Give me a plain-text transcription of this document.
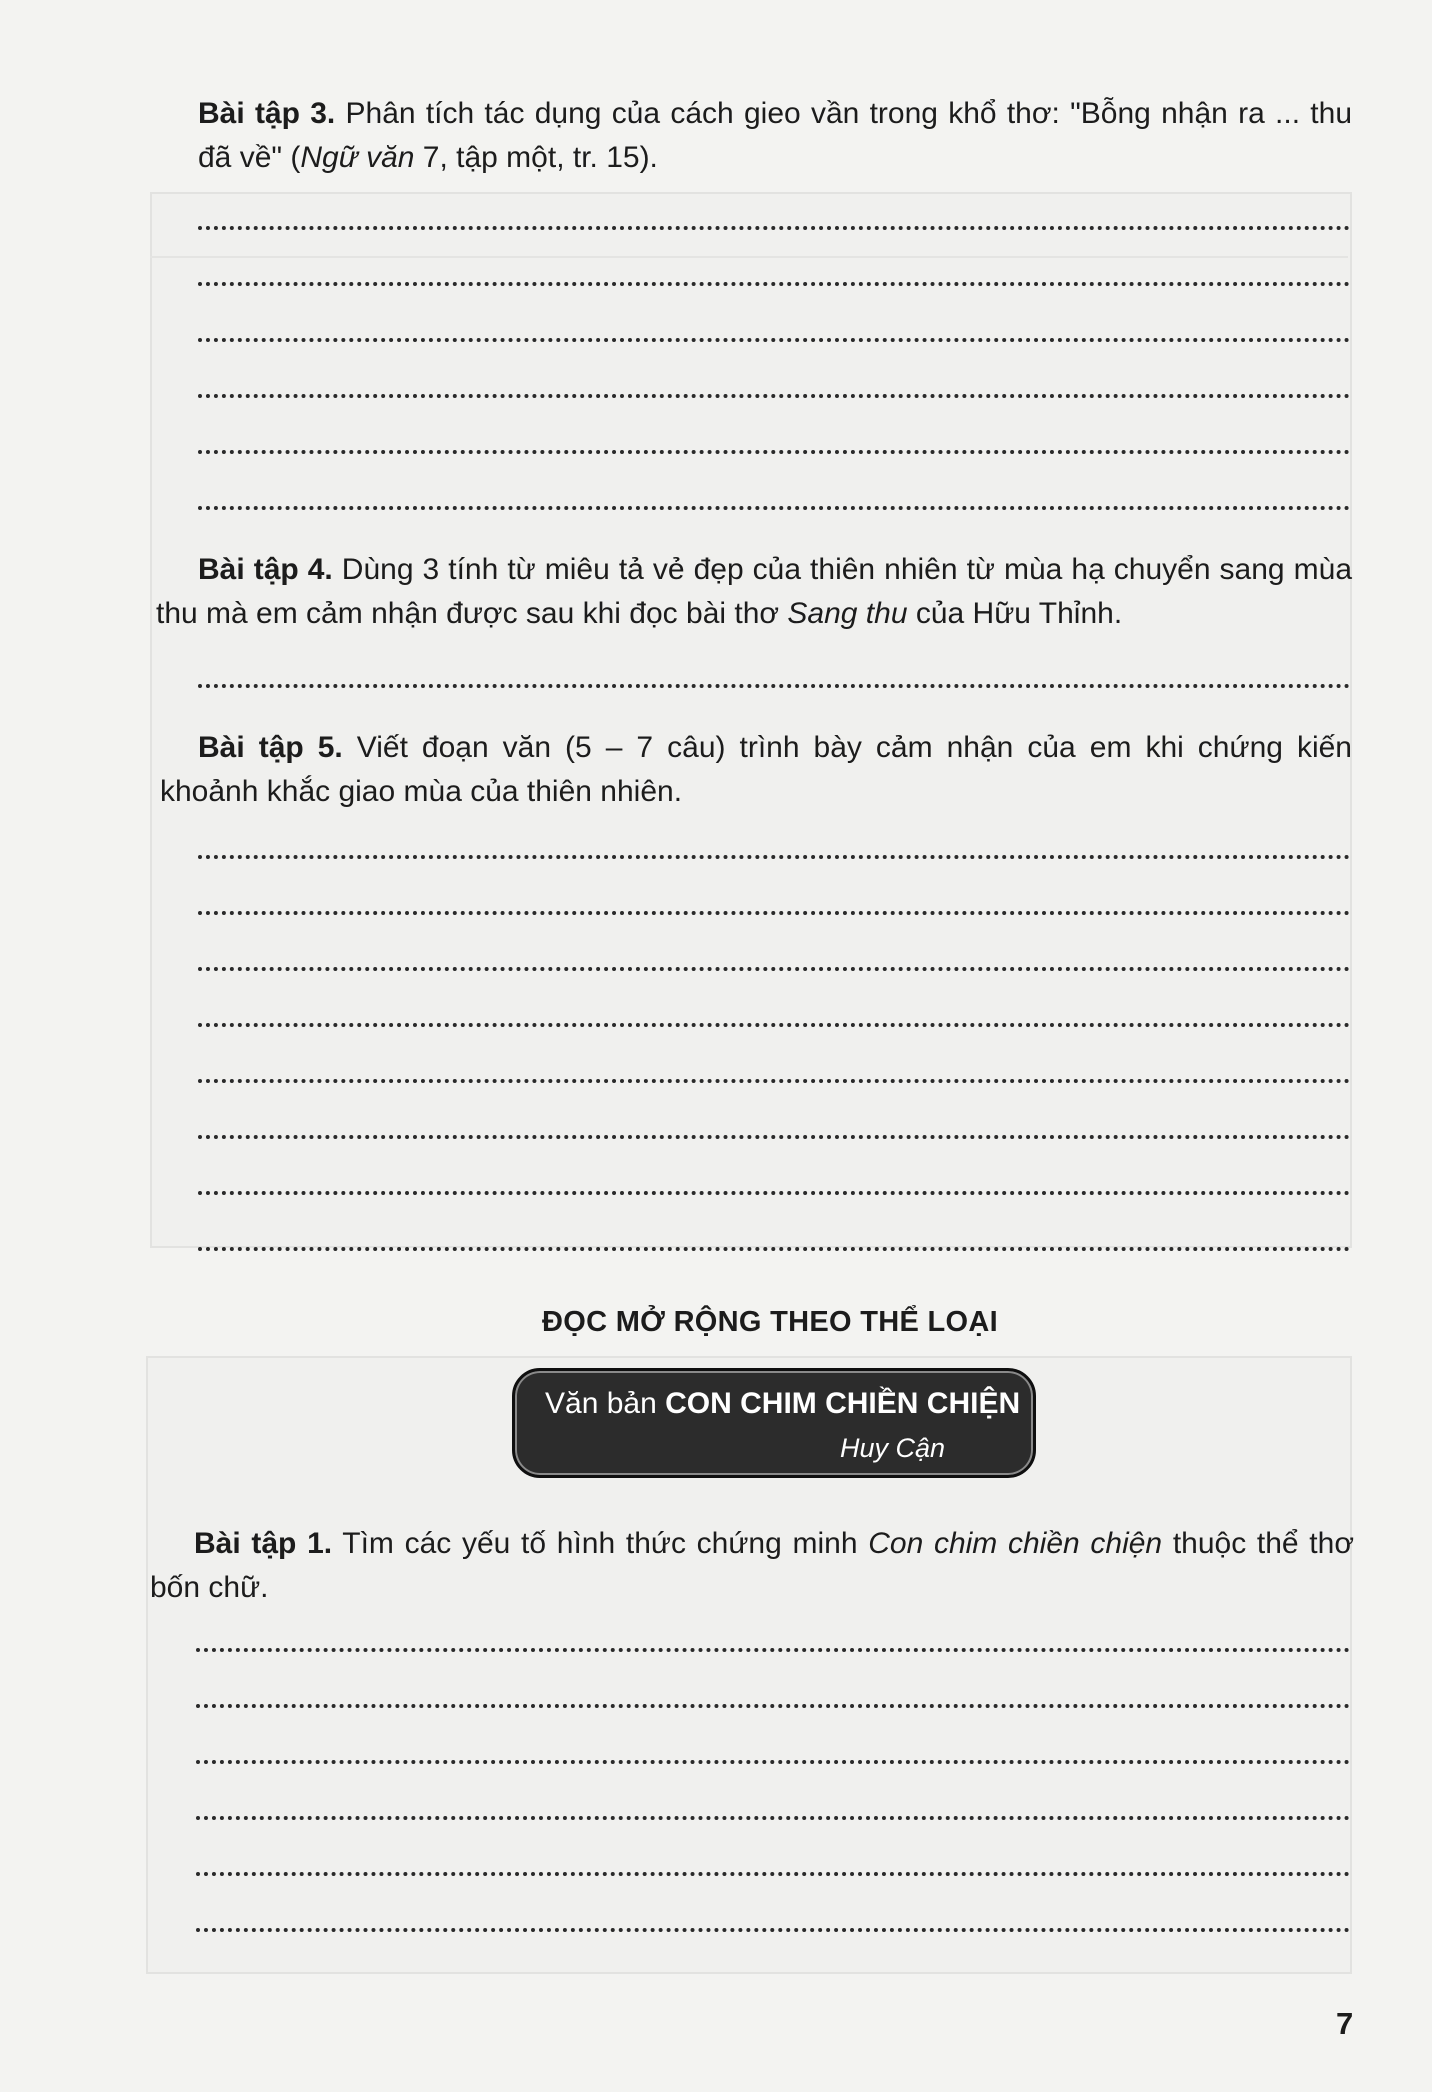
Bài tập 3. Phân tích tác dụng của cách gieo vần trong khổ thơ: "Bỗng nhận ra ... thu đã về" (Ngữ văn 7, tập một, tr. 15).

Bài tập 4. Dùng 3 tính từ miêu tả vẻ đẹp của thiên nhiên từ mùa hạ chuyển sang mùa thu mà em cảm nhận được sau khi đọc bài thơ Sang thu của Hữu Thỉnh.

Bài tập 5. Viết đoạn văn (5 – 7 câu) trình bày cảm nhận của em khi chứng kiến khoảnh khắc giao mùa của thiên nhiên.

ĐỌC MỞ RỘNG THEO THỂ LOẠI
Văn bản CON CHIM CHIỀN CHIỆN
Huy Cận

Bài tập 1. Tìm các yếu tố hình thức chứng minh Con chim chiền chiện thuộc thể thơ bốn chữ.

7
